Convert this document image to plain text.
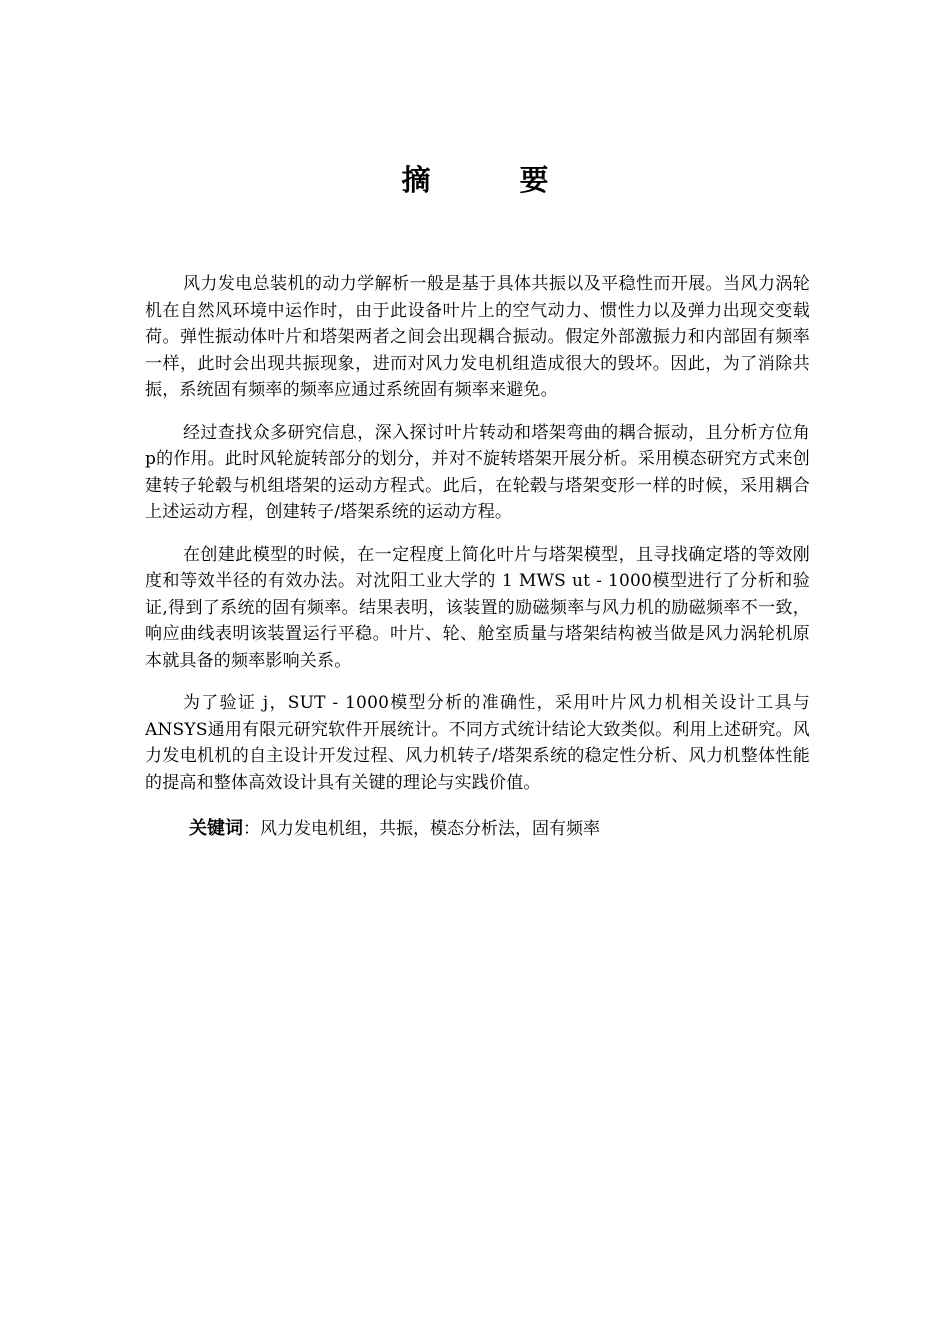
摘　要

风力发电总装机的动力学解析一般是基于具体共振以及平稳性而开展。当风力涡轮机在自然风环境中运作时，由于此设备叶片上的空气动力、惯性力以及弹力出现交变载荷。弹性振动体叶片和塔架两者之间会出现耦合振动。假定外部激振力和内部固有频率一样，此时会出现共振现象，进而对风力发电机组造成很大的毁坏。因此，为了消除共振，系统固有频率的频率应通过系统固有频率来避免。

经过查找众多研究信息，深入探讨叶片转动和塔架弯曲的耦合振动，且分析方位角p的作用。此时风轮旋转部分的划分，并对不旋转塔架开展分析。采用模态研究方式来创建转子轮毂与机组塔架的运动方程式。此后，在轮毂与塔架变形一样的时候，采用耦合上述运动方程，创建转子/塔架系统的运动方程。

在创建此模型的时候，在一定程度上简化叶片与塔架模型，且寻找确定塔的等效刚度和等效半径的有效办法。对沈阳工业大学的 1 MWS ut - 1000模型进行了分析和验证,得到了系统的固有频率。结果表明，该装置的励磁频率与风力机的励磁频率不一致，响应曲线表明该装置运行平稳。叶片、轮、舱室质量与塔架结构被当做是风力涡轮机原本就具备的频率影响关系。

为了验证 j，SUT - 1000模型分析的准确性，采用叶片风力机相关设计工具与ANSYS通用有限元研究软件开展统计。不同方式统计结论大致类似。利用上述研究。风力发电机机的自主设计开发过程、风力机转子/塔架系统的稳定性分析、风力机整体性能的提高和整体高效设计具有关键的理论与实践价值。

关键词：风力发电机组，共振，模态分析法，固有频率
